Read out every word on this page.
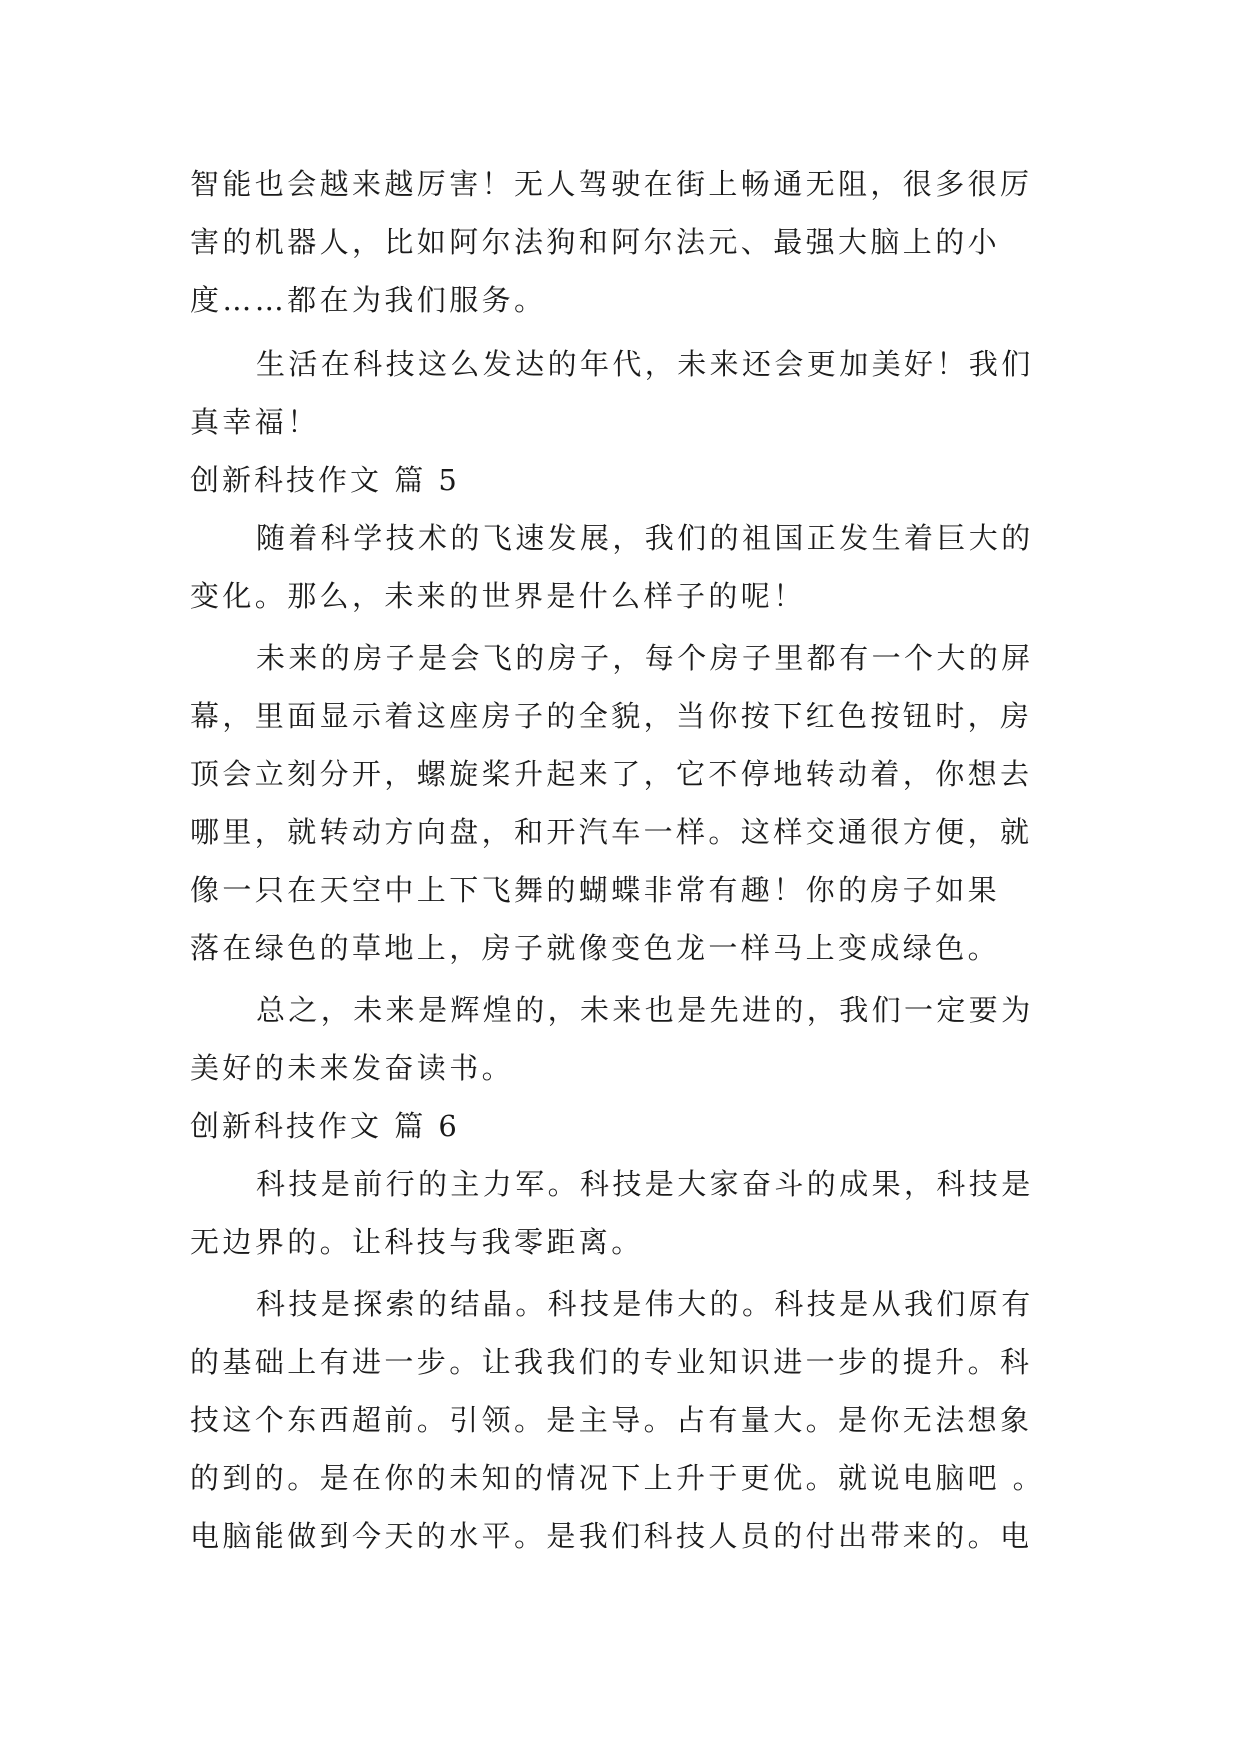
智能也会越来越厉害！无人驾驶在街上畅通无阻，很多很厉
害的机器人，比如阿尔法狗和阿尔法元、最强大脑上的小
度……都在为我们服务。
生活在科技这么发达的年代，未来还会更加美好！我们
真幸福！
创新科技作文 篇 5
随着科学技术的飞速发展，我们的祖国正发生着巨大的
变化。那么，未来的世界是什么样子的呢！
未来的房子是会飞的房子，每个房子里都有一个大的屏
幕，里面显示着这座房子的全貌，当你按下红色按钮时，房
顶会立刻分开，螺旋桨升起来了，它不停地转动着，你想去
哪里，就转动方向盘，和开汽车一样。这样交通很方便，就
像一只在天空中上下飞舞的蝴蝶非常有趣！你的房子如果
落在绿色的草地上，房子就像变色龙一样马上变成绿色。
总之，未来是辉煌的，未来也是先进的，我们一定要为
美好的未来发奋读书。
创新科技作文 篇 6
科技是前行的主力军。科技是大家奋斗的成果，科技是
无边界的。让科技与我零距离。
科技是探索的结晶。科技是伟大的。科技是从我们原有
的基础上有进一步。让我我们的专业知识进一步的提升。科
技这个东西超前。引领。是主导。占有量大。是你无法想象
的到的。是在你的未知的情况下上升于更优。就说电脑吧 。
电脑能做到今天的水平。是我们科技人员的付出带来的。电
